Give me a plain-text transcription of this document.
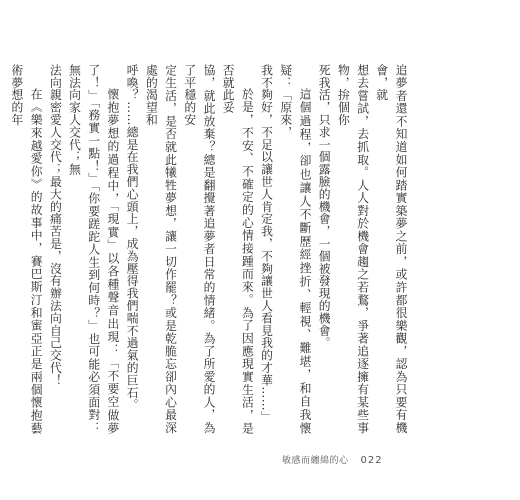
追夢者還不知道如何踏實築夢之前，或許都很樂觀，認為只要有機會，就

想去嘗試，去抓取。人人對於機會趨之若鶩，爭著追逐擁有某些事物，拚個你

死我活，只求一個露臉的機會，一個被發現的機會。

這個過程，卻也讓人不斷歷經挫折、輕視、難堪，和自我懷疑：「原來，

我不夠好，不足以讓世人肯定我，不夠讓世人看見我的才華……」

於是，不安、不確定的心情接踵而來。為了因應現實生活，是否就此妥

協，就此放棄？總是翻攪著追夢者日常的情緒。為了所愛的人，為了平穩的安

定生活，是否就此犧牲夢想，讓一切作罷？或是乾脆忘卻內心最深處的渴望和

呼喚？……總是在我們心頭上，成為壓得我們喘不過氣的巨石。

懷抱夢想的過程中，「現實」以各種聲音出現：「不要空做夢了！」「務實一點！」「你要蹉跎人生到何時？」也可能必須面對：無法向家人交代；無

法向親密愛人交代；最大的痛苦是，沒有辦法向自己交代！

在《樂來越愛你》的故事中，賽巴斯汀和蜜亞正是兩個懷抱藝術夢想的年

敏感而纏綿的心 022
